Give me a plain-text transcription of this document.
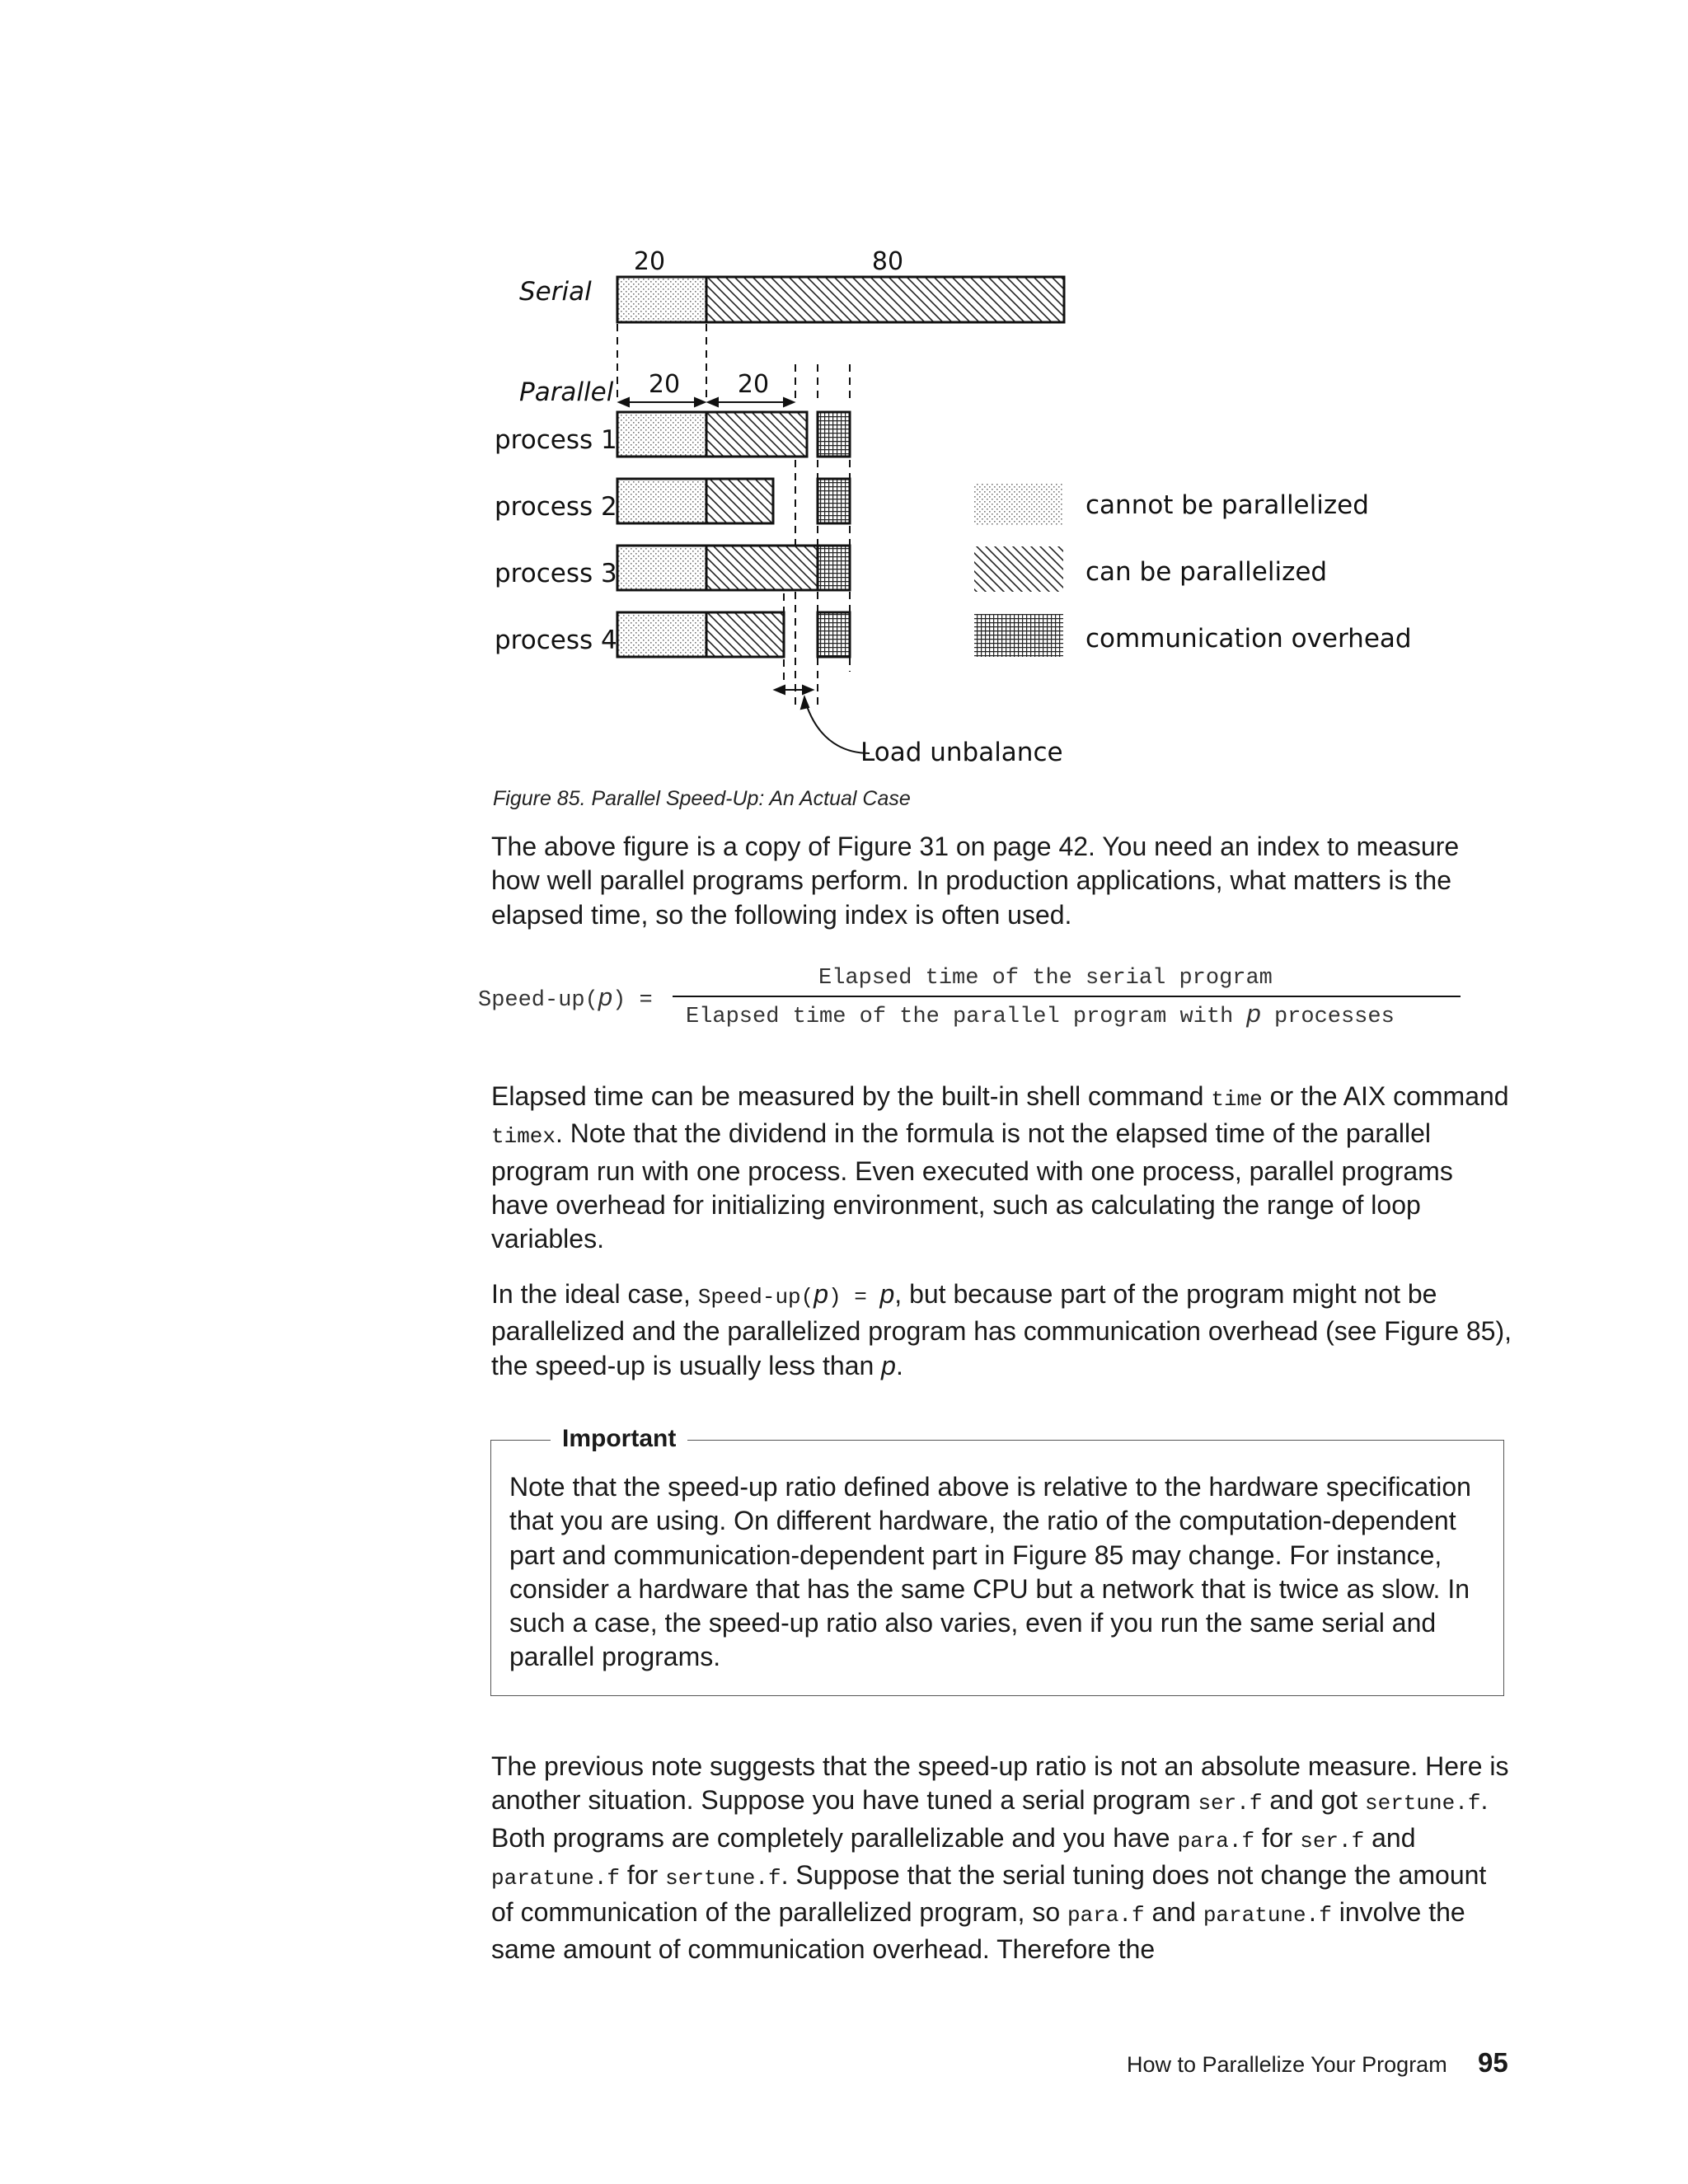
20	80
Serial
Parallel 20 20
process 1
process 2
process 3
process 4
Load unbalance
cannot be parallelized
can be parallelized
communication overhead
Figure 85. Parallel Speed-Up: An Actual Case

The above figure is a copy of Figure 31 on page 42. You need an index to measure how well parallel programs perform. In production applications, what matters is the elapsed time, so the following index is often used.

Speed-up(p) =
Elapsed time of the serial program
Elapsed time of the parallel program with p processes

Elapsed time can be measured by the built-in shell command time or the AIX command timex. Note that the dividend in the formula is not the elapsed time of the parallel program run with one process. Even executed with one process, parallel programs have overhead for initializing environment, such as calculating the range of loop variables.

In the ideal case, Speed-up(p) = p, but because part of the program might not be parallelized and the parallelized program has communication overhead (see Figure 85), the speed-up is usually less than p.

Important
Note that the speed-up ratio defined above is relative to the hardware specification that you are using. On different hardware, the ratio of the computation-dependent part and communication-dependent part in Figure 85 may change. For instance, consider a hardware that has the same CPU but a network that is twice as slow. In such a case, the speed-up ratio also varies, even if you run the same serial and parallel programs.

The previous note suggests that the speed-up ratio is not an absolute measure. Here is another situation. Suppose you have tuned a serial program ser.f and got sertune.f. Both programs are completely parallelizable and you have para.f for ser.f and paratune.f for sertune.f. Suppose that the serial tuning does not change the amount of communication of the parallelized program, so para.f and paratune.f involve the same amount of communication overhead. Therefore the

How to Parallelize Your Program 95
